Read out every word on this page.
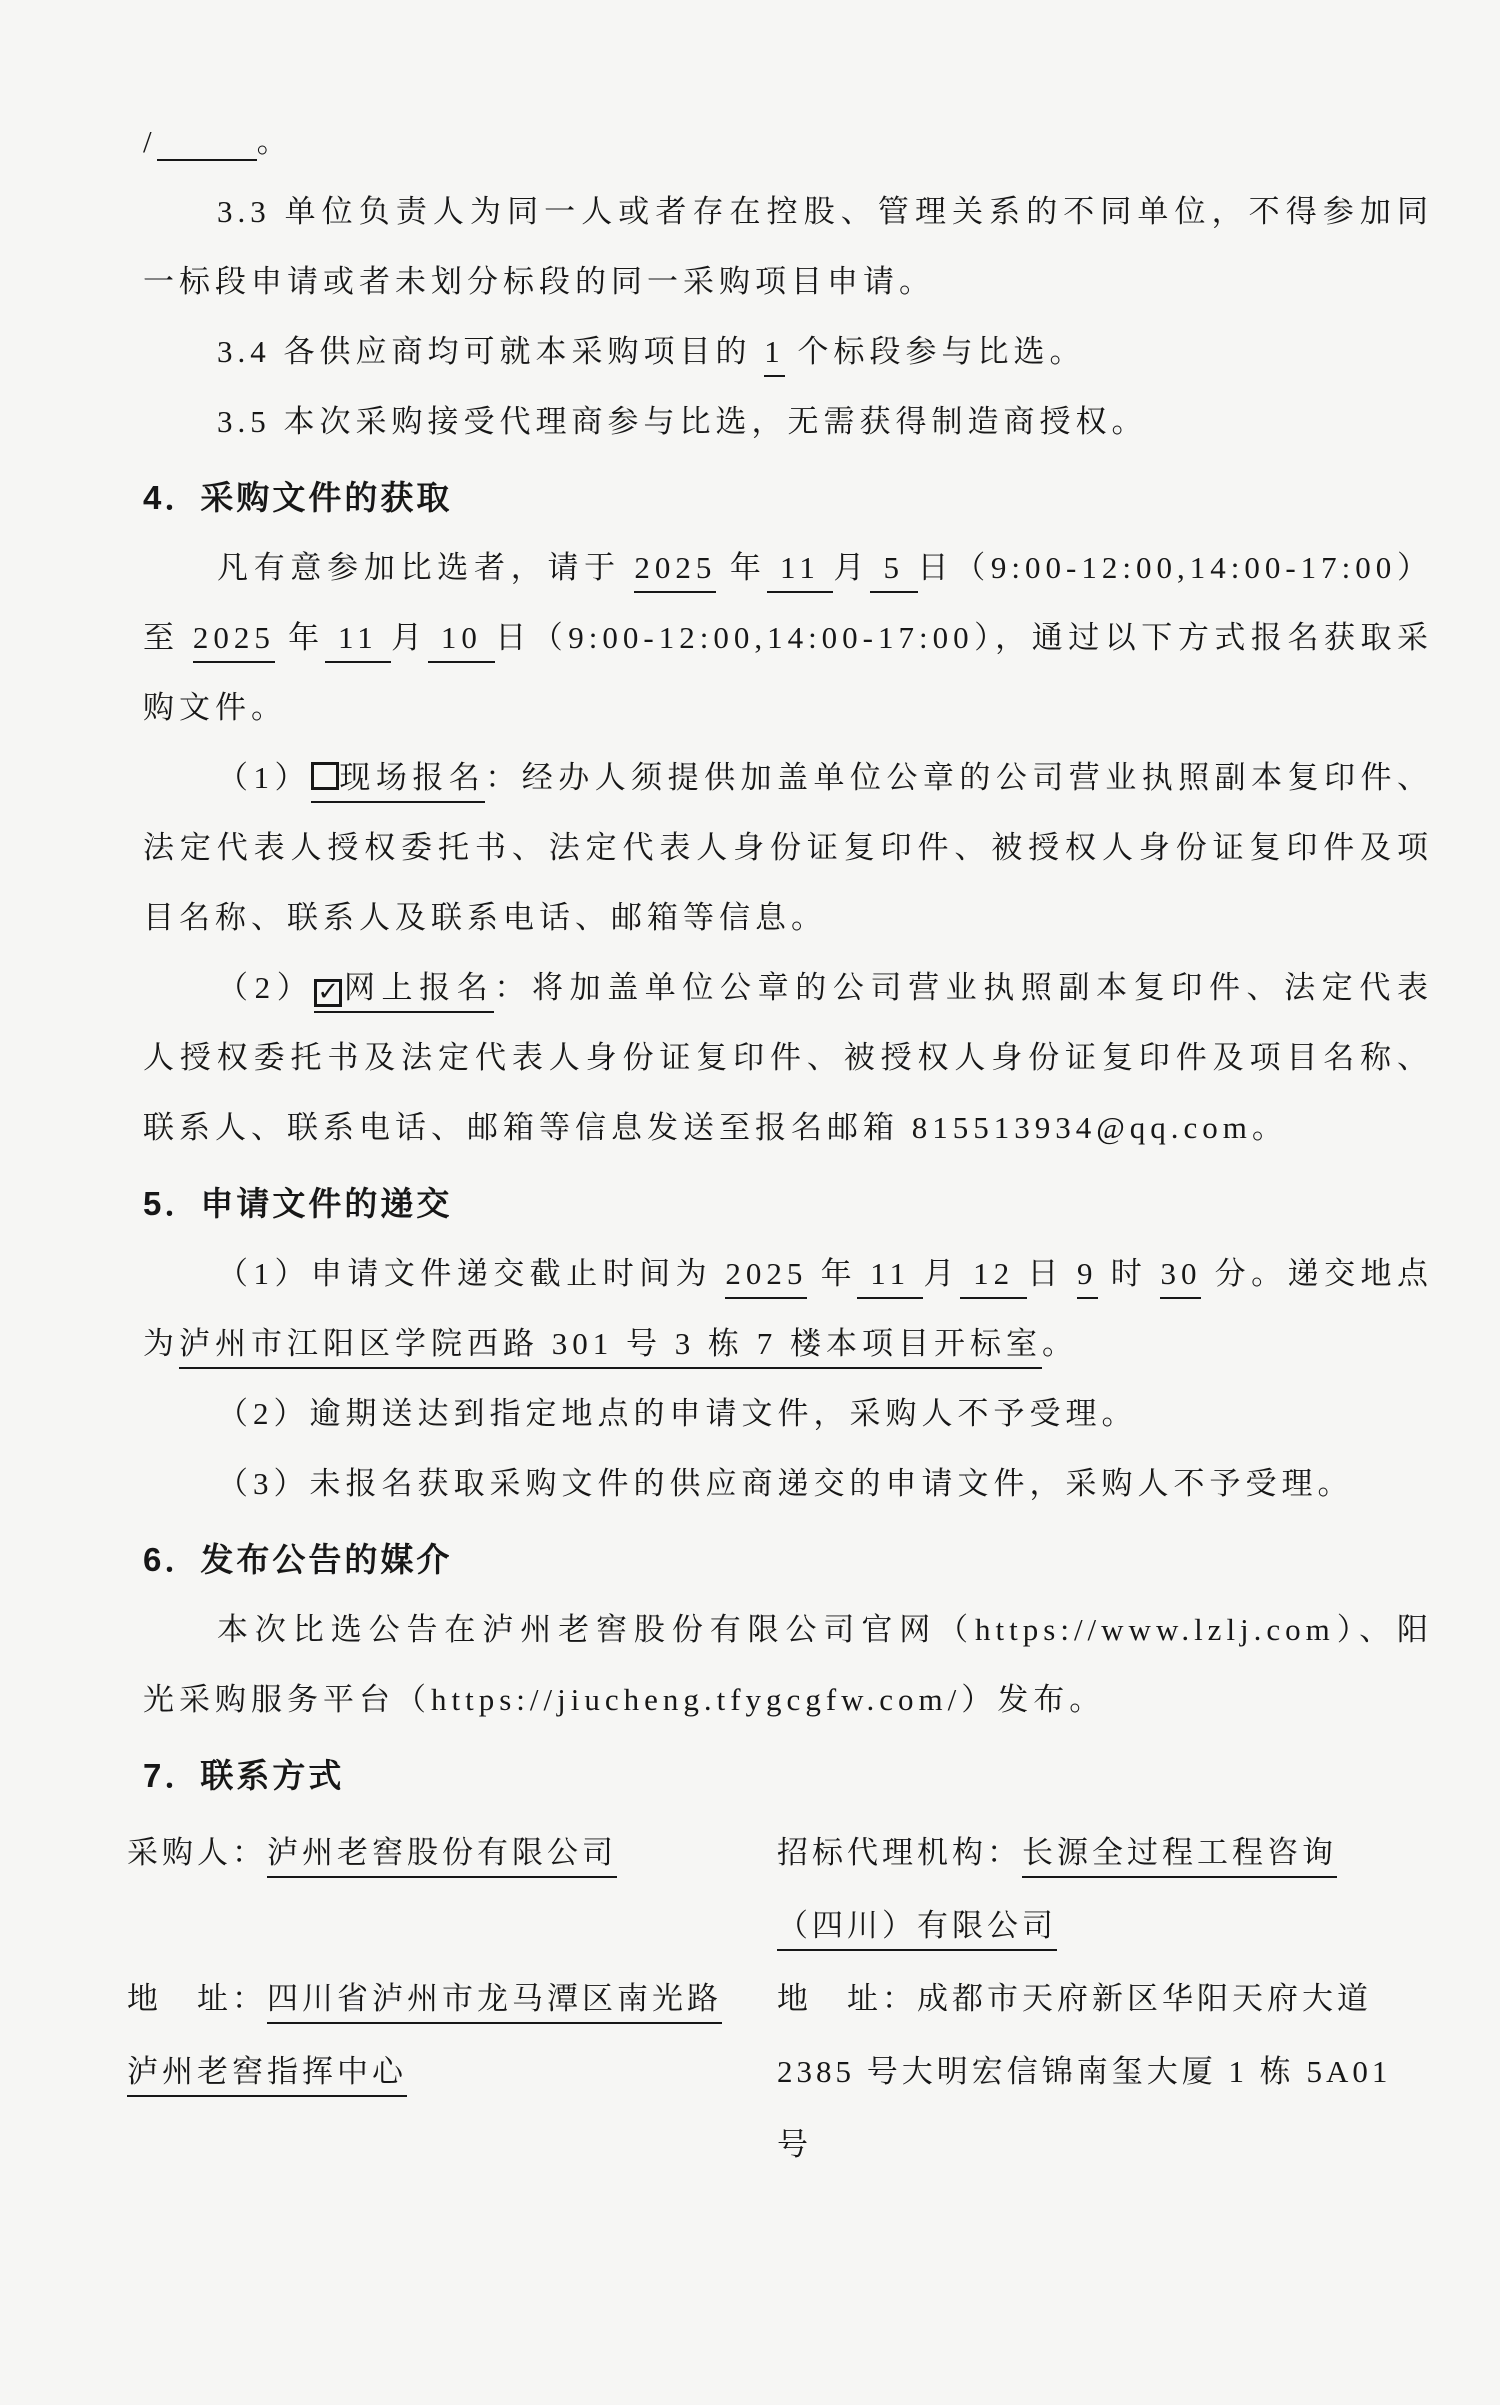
/	。
3.3 单位负责人为同一人或者存在控股、管理关系的不同单位，不得参加同
一标段申请或者未划分标段的同一采购项目申请。
3.4 各供应商均可就本采购项目的 1 个标段参与比选。
3.5 本次采购接受代理商参与比选，无需获得制造商授权。
4．采购文件的获取
凡有意参加比选者，请于 2025 年 11 月 5 日（9:00-12:00,14:00-17:00）
至 2025 年 11 月 10 日（9:00-12:00,14:00-17:00），通过以下方式报名获取采
购文件。
（1） 现场报名：经办人须提供加盖单位公章的公司营业执照副本复印件、
法定代表人授权委托书、法定代表人身份证复印件、被授权人身份证复印件及项
目名称、联系人及联系电话、邮箱等信息。
（2） ✓ 网上报名：将加盖单位公章的公司营业执照副本复印件、法定代表
人授权委托书及法定代表人身份证复印件、被授权人身份证复印件及项目名称、
联系人、联系电话、邮箱等信息发送至报名邮箱 815513934@qq.com。
5．申请文件的递交
（1）申请文件递交截止时间为 2025 年 11 月 12 日 9 时 30 分。递交地点
为泸州市江阳区学院西路 301 号 3 栋 7 楼本项目开标室。
（2）逾期送达到指定地点的申请文件，采购人不予受理。
（3）未报名获取采购文件的供应商递交的申请文件，采购人不予受理。
6．发布公告的媒介
本次比选公告在泸州老窖股份有限公司官网（https://www.lzlj.com）、阳
光采购服务平台（https://jiucheng.tfygcgfw.com/）发布。
7．联系方式
采购人：泸州老窖股份有限公司
地　址：四川省泸州市龙马潭区南光路
泸州老窖指挥中心
招标代理机构：长源全过程工程咨询
（四川）有限公司
地　址：成都市天府新区华阳天府大道
2385 号大明宏信锦南玺大厦 1 栋 5A01
号
